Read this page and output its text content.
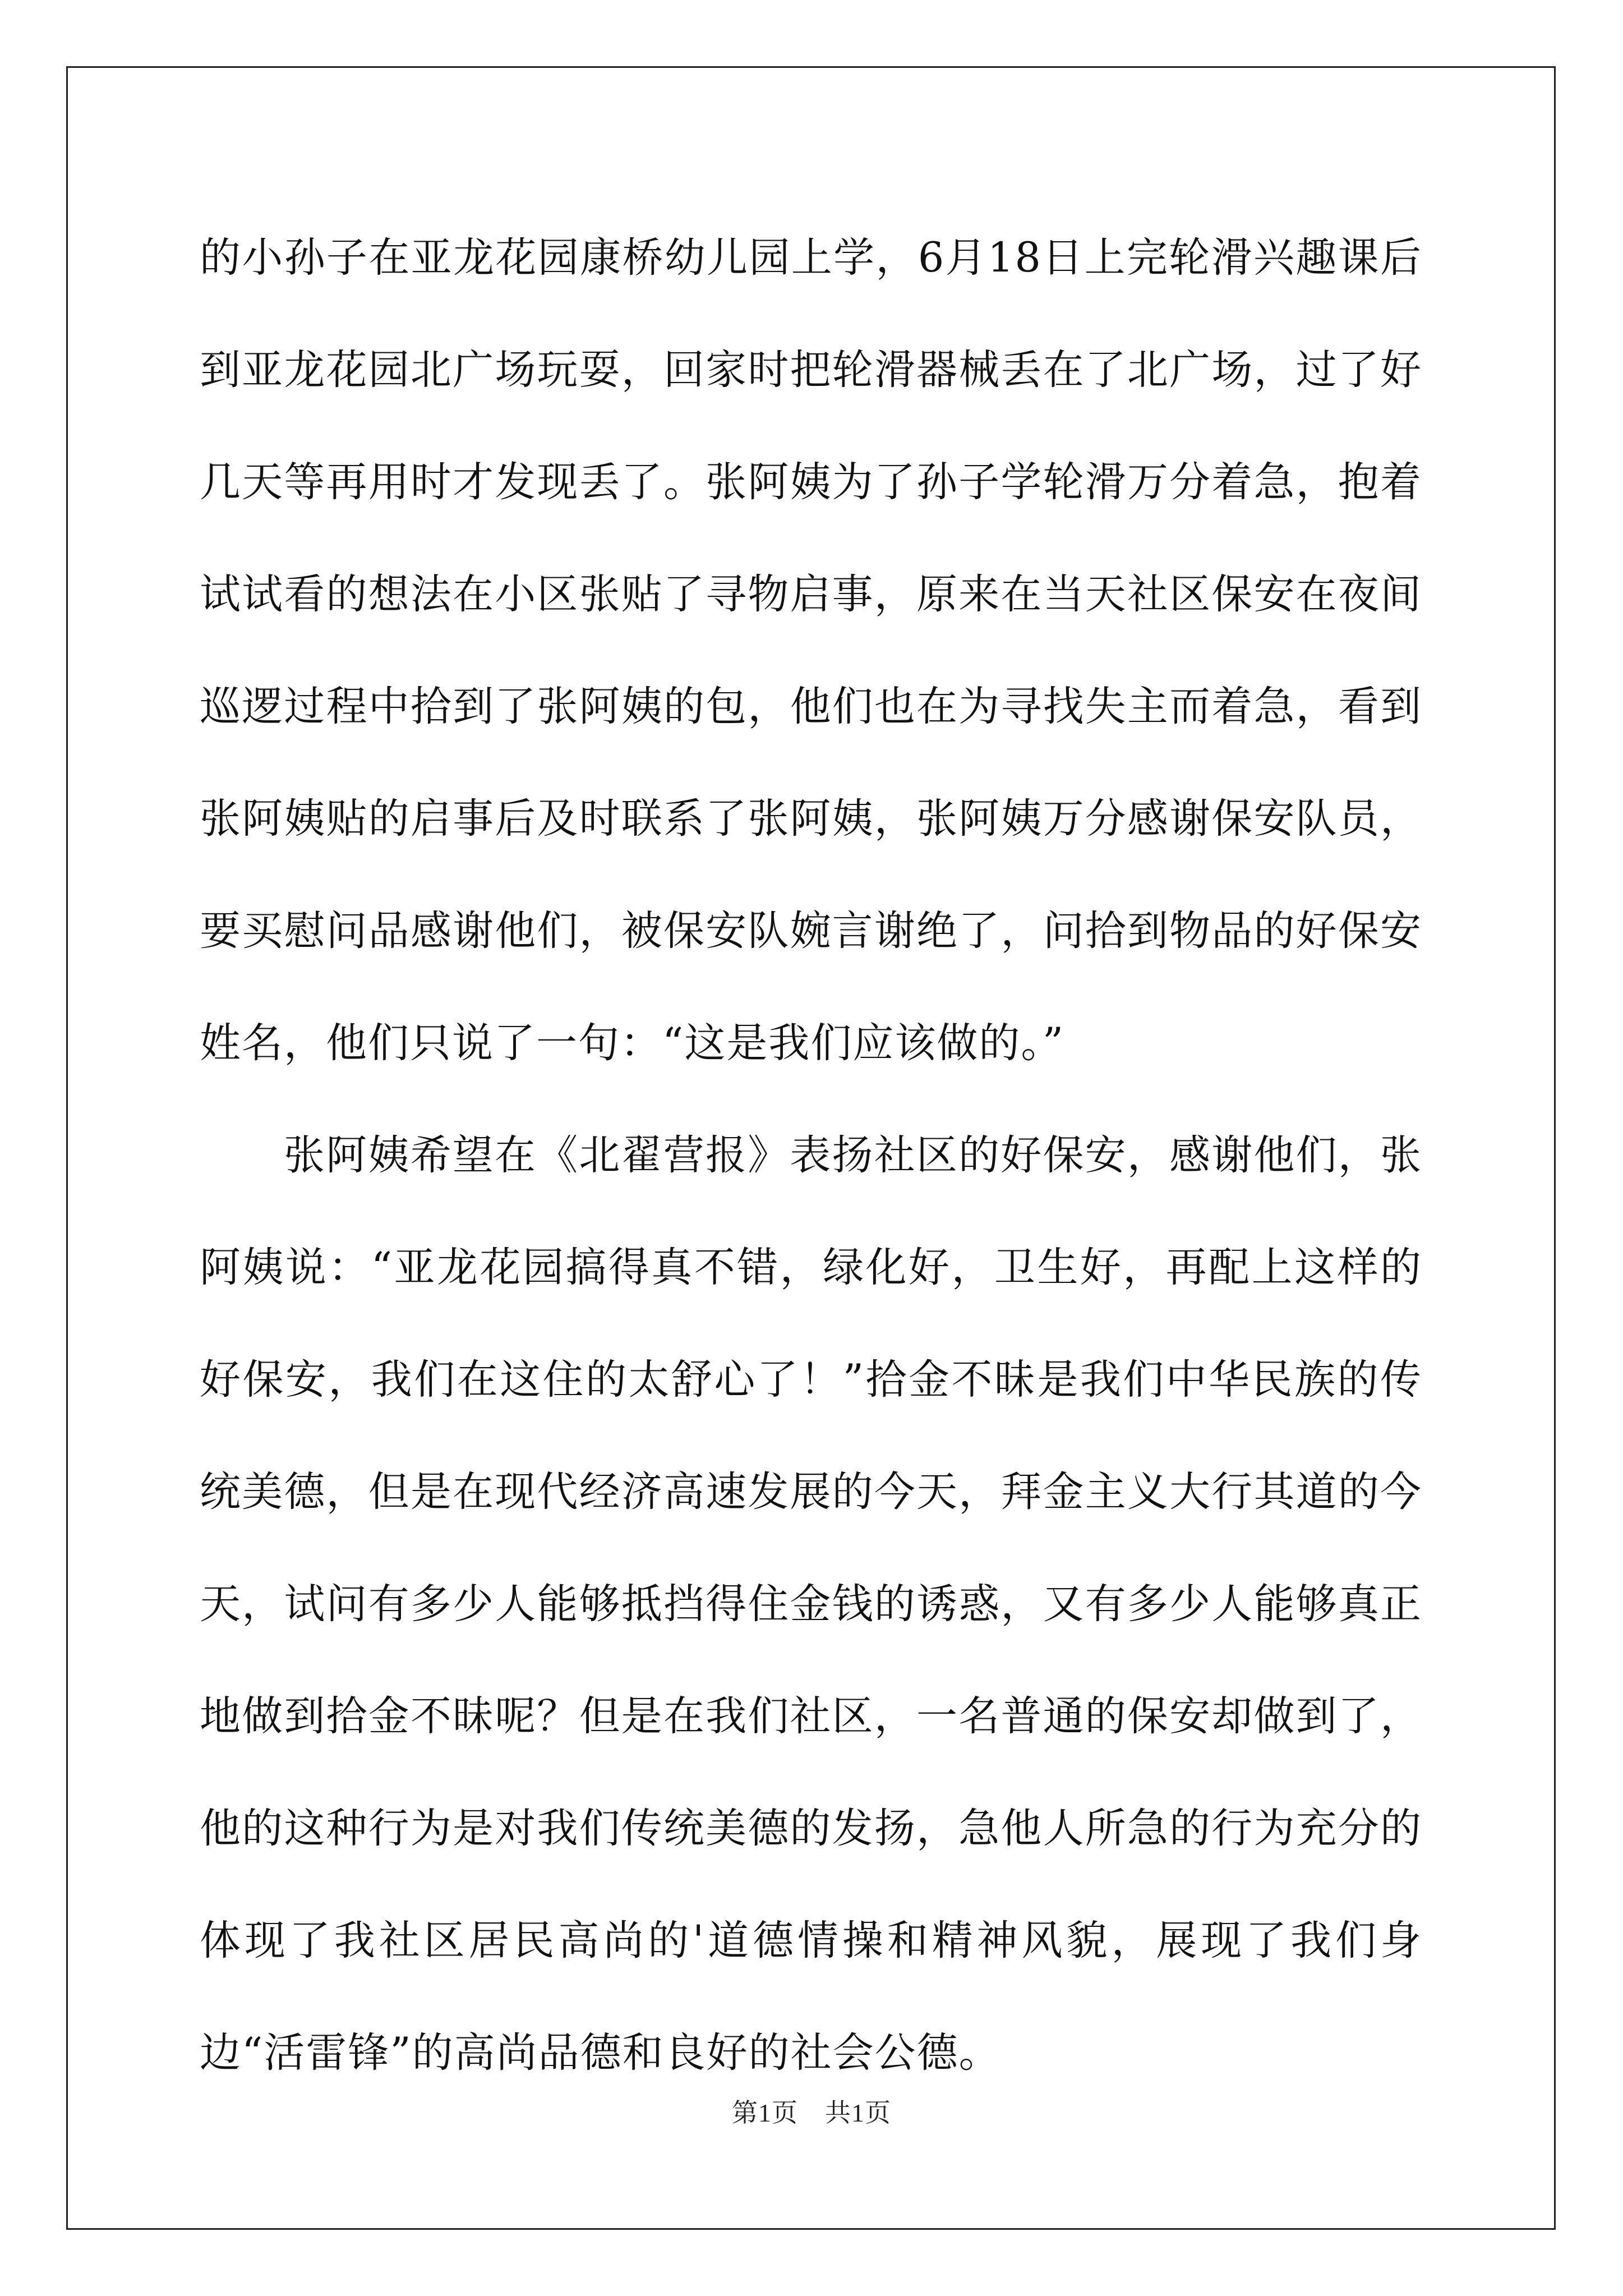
的小孙子在亚龙花园康桥幼儿园上学，6月18日上完轮滑兴趣课后到亚龙花园北广场玩耍，回家时把轮滑器械丢在了北广场，过了好几天等再用时才发现丢了。张阿姨为了孙子学轮滑万分着急，抱着试试看的想法在小区张贴了寻物启事，原来在当天社区保安在夜间巡逻过程中拾到了张阿姨的包，他们也在为寻找失主而着急，看到张阿姨贴的启事后及时联系了张阿姨，张阿姨万分感谢保安队员，要买慰问品感谢他们，被保安队婉言谢绝了，问拾到物品的好保安姓名，他们只说了一句：“这是我们应该做的。”

张阿姨希望在《北翟营报》表扬社区的好保安，感谢他们，张阿姨说：“亚龙花园搞得真不错，绿化好，卫生好，再配上这样的好保安，我们在这住的太舒心了！”拾金不昧是我们中华民族的传统美德，但是在现代经济高速发展的今天，拜金主义大行其道的今天，试问有多少人能够抵挡得住金钱的诱惑，又有多少人能够真正地做到拾金不昧呢？但是在我们社区，一名普通的保安却做到了，他的这种行为是对我们传统美德的发扬，急他人所急的行为充分的体现了我社区居民高尚的'道德情操和精神风貌，展现了我们身边“活雷锋”的高尚品德和良好的社会公德。

第1页 共1页
